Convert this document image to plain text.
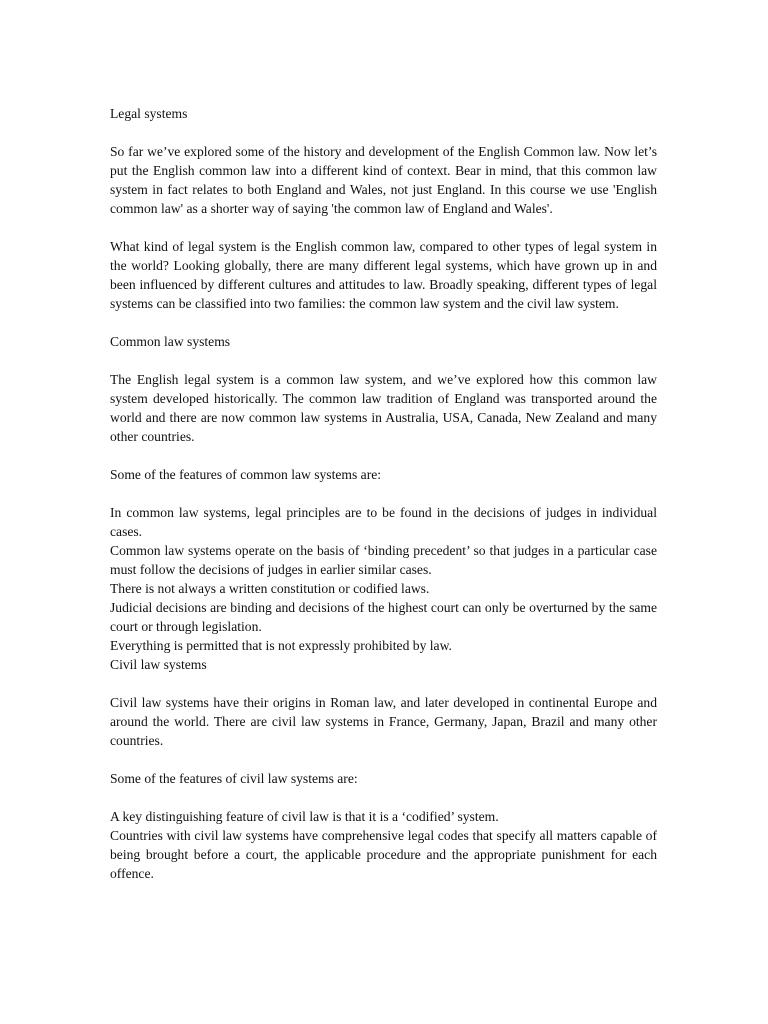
Legal systems

So far we’ve explored some of the history and development of the English Common law. Now let’s put the English common law into a different kind of context. Bear in mind, that this common law system in fact relates to both England and Wales, not just England. In this course we use 'English common law' as a shorter way of saying 'the common law of England and Wales'.

What kind of legal system is the English common law, compared to other types of legal system in the world? Looking globally, there are many different legal systems, which have grown up in and been influenced by different cultures and attitudes to law. Broadly speaking, different types of legal systems can be classified into two families: the common law system and the civil law system.

Common law systems

The English legal system is a common law system, and we’ve explored how this common law system developed historically. The common law tradition of England was transported around the world and there are now common law systems in Australia, USA, Canada, New Zealand and many other countries.

Some of the features of common law systems are:

In common law systems, legal principles are to be found in the decisions of judges in individual cases.

Common law systems operate on the basis of ‘binding precedent’ so that judges in a particular case must follow the decisions of judges in earlier similar cases.

There is not always a written constitution or codified laws.

Judicial decisions are binding and decisions of the highest court can only be overturned by the same court or through legislation.

Everything is permitted that is not expressly prohibited by law.

Civil law systems

Civil law systems have their origins in Roman law, and later developed in continental Europe and around the world. There are civil law systems in France, Germany, Japan, Brazil and many other countries.

Some of the features of civil law systems are:

A key distinguishing feature of civil law is that it is a ‘codified’ system.

Countries with civil law systems have comprehensive legal codes that specify all matters capable of being brought before a court, the applicable procedure and the appropriate punishment for each offence.
